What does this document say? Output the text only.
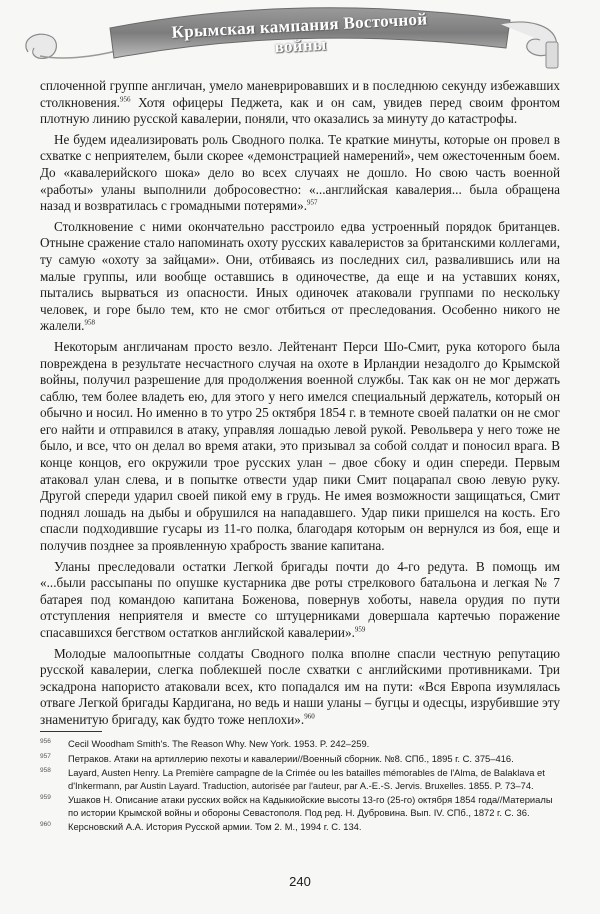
Крымская кампания Восточной войны

сплоченной группе англичан, умело маневрировавших и в последнюю секунду избежавших столкновения.$^{956}$ Хотя офицеры Педжета, как и он сам, увидев перед своим фронтом плотную линию русской кавалерии, поняли, что оказались за минуту до катастрофы.

Не будем идеализировать роль Сводного полка. Те краткие минуты, которые он провел в схватке с неприятелем, были скорее «демонстрацией намерений», чем ожесточенным боем. До «кавалерийского шока» дело во всех случаях не дошло. Но свою часть военной «работы» уланы выполнили добросовестно: «...английская кавалерия... была обращена назад и возвратилась с громадными потерями».$^{957}$

Столкновение с ними окончательно расстроило едва устроенный порядок британцев. Отныне сражение стало напоминать охоту русских кавалеристов за британскими коллегами, ту самую «охоту за зайцами». Они, отбиваясь из последних сил, развалившись или на малые группы, или вообще оставшись в одиночестве, да еще и на уставших конях, пытались вырваться из опасности. Иных одиночек атаковали группами по нескольку человек, и горе было тем, кто не смог отбиться от преследования. Особенно никого не жалели.$^{958}$

Некоторым англичанам просто везло. Лейтенант Перси Шо-Смит, рука которого была повреждена в результате несчастного случая на охоте в Ирландии незадолго до Крымской войны, получил разрешение для продолжения военной службы. Так как он не мог держать саблю, тем более владеть ею, для этого у него имелся специальный держатель, который он обычно и носил. Но именно в то утро 25 октября 1854 г. в темноте своей палатки он не смог его найти и отправился в атаку, управляя лошадью левой рукой. Револьвера у него тоже не было, и все, что он делал во время атаки, это призывал за собой солдат и поносил врага. В конце концов, его окружили трое русских улан – двое сбоку и один спереди. Первым атаковал улан слева, и в попытке отвести удар пики Смит поцарапал свою левую руку. Другой спереди ударил своей пикой ему в грудь. Не имея возможности защищаться, Смит поднял лошадь на дыбы и обрушился на нападавшего. Удар пики пришелся на кость. Его спасли подходившие гусары из 11-го полка, благодаря которым он вернулся из боя, еще и получив позднее за проявленную храбрость звание капитана.

Уланы преследовали остатки Легкой бригады почти до 4-го редута. В помощь им «...были рассыпаны по опушке кустарника две роты стрелкового батальона и легкая № 7 батарея под командою капитана Боженова, повернув хоботы, навела орудия по пути отступления неприятеля и вместе со штуцерниками довершала картечью поражение спасавшихся бегством остатков английской кавалерии».$^{959}$

Молодые малоопытные солдаты Сводного полка вполне спасли честную репутацию русской кавалерии, слегка поблекшей после схватки с английскими противниками. Три эскадрона напористо атаковали всех, кто попадался им на пути: «Вся Европа изумлялась отваге Легкой бригады Кардигана, но ведь и наши уланы – бугцы и одесцы, изрубившие эту знаменитую бригаду, как будто тоже неплохи».$^{960}$

956 Cecil Woodham Smith's. The Reason Why. New York. 1953. P. 242–259.
957 Петраков. Атаки на артиллерию пехоты и кавалерии//Военный сборник. №8. СПб., 1895 г. С. 375–416.
958 Layard, Austen Henry. La Première campagne de la Crimée ou les batailles mémorables de l'Alma, de Balaklava et d'Inkermann, par Austin Layard. Traduction, autorisée par l'auteur, par A.-E.-S. Jervis. Bruxelles. 1855. P. 73–74.
959 Ушаков Н. Описание атаки русских войск на Кадыкиойские высоты 13-го (25-го) октября 1854 года//Материалы по истории Крымской войны и обороны Севастополя. Под ред. Н. Дубровина. Вып. IV. СПб., 1872 г. С. 36.
960 Керсновский А.А. История Русской армии. Том 2. М., 1994 г. С. 134.
240
